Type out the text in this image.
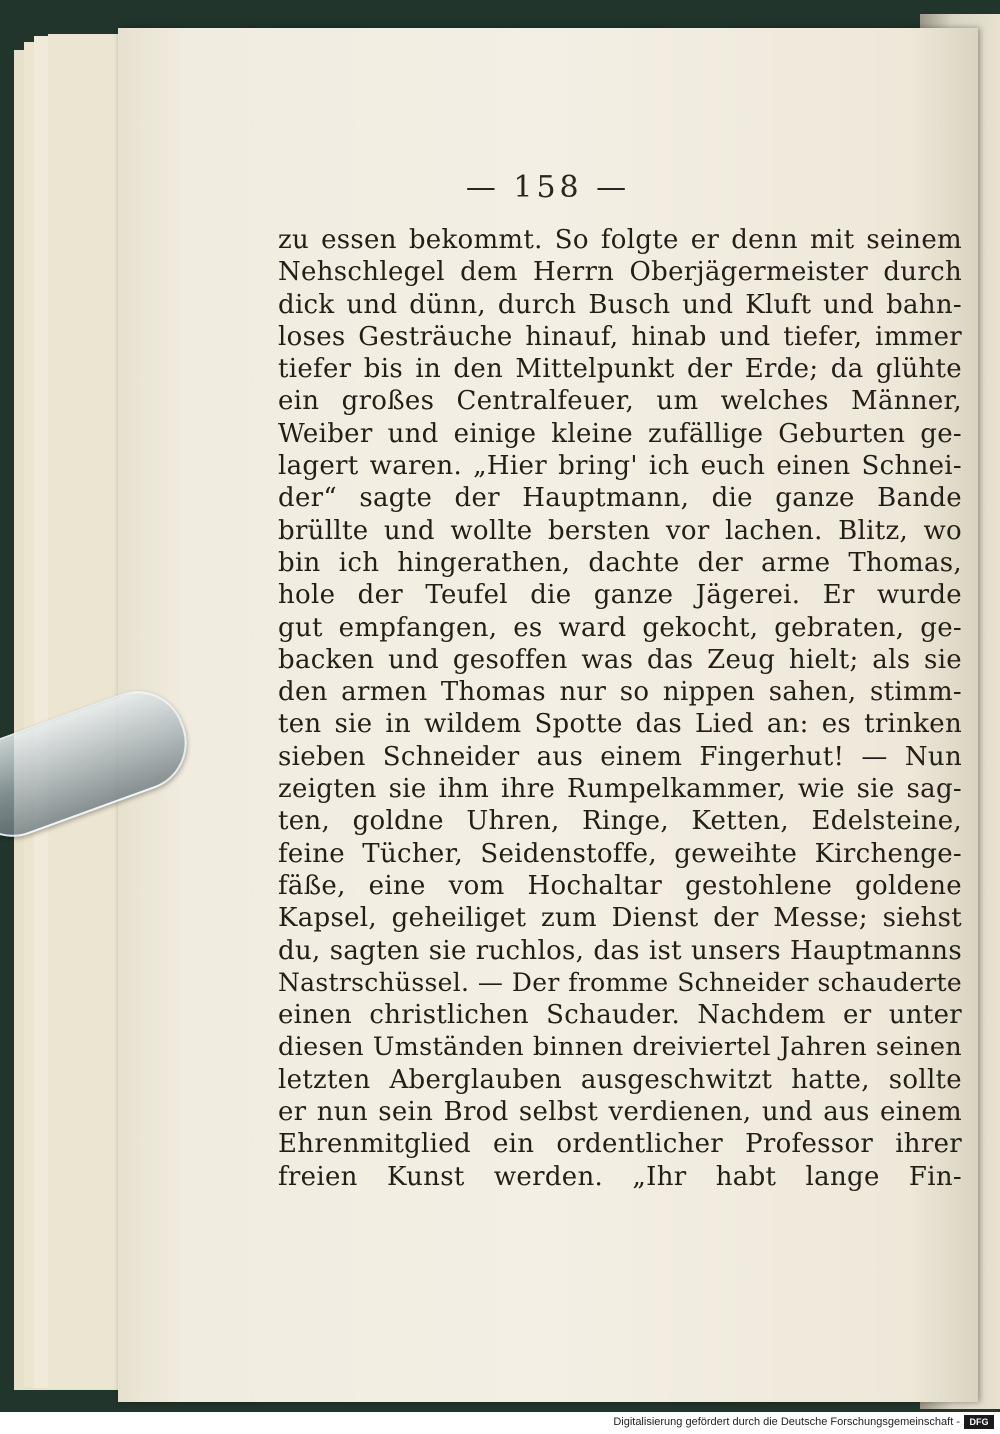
— 158 —
zu essen bekommt. So folgte er denn mit seinem
Nehschlegel dem Herrn Oberjägermeister durch
dick und dünn, durch Busch und Kluft und bahn-
loses Gesträuche hinauf, hinab und tiefer, immer
tiefer bis in den Mittelpunkt der Erde; da glühte
ein großes Centralfeuer, um welches Männer,
Weiber und einige kleine zufällige Geburten ge-
lagert waren. „Hier bring' ich euch einen Schnei-
der“ sagte der Hauptmann, die ganze Bande
brüllte und wollte bersten vor lachen. Blitz, wo
bin ich hingerathen, dachte der arme Thomas,
hole der Teufel die ganze Jägerei. Er wurde
gut empfangen, es ward gekocht, gebraten, ge-
backen und gesoffen was das Zeug hielt; als sie
den armen Thomas nur so nippen sahen, stimm-
ten sie in wildem Spotte das Lied an: es trinken
sieben Schneider aus einem Fingerhut! — Nun
zeigten sie ihm ihre Rumpelkammer, wie sie sag-
ten, goldne Uhren, Ringe, Ketten, Edelsteine,
feine Tücher, Seidenstoffe, geweihte Kirchenge-
fäße, eine vom Hochaltar gestohlene goldene
Kapsel, geheiliget zum Dienst der Messe; siehst
du, sagten sie ruchlos, das ist unsers Hauptmanns
Nastrschüssel. — Der fromme Schneider schauderte
einen christlichen Schauder. Nachdem er unter
diesen Umständen binnen dreiviertel Jahren seinen
letzten Aberglauben ausgeschwitzt hatte, sollte
er nun sein Brod selbst verdienen, und aus einem
Ehrenmitglied ein ordentlicher Professor ihrer
freien Kunst werden. „Ihr habt lange Fin-
Digitalisierung gefördert durch die Deutsche Forschungsgemeinschaft -	DFG
